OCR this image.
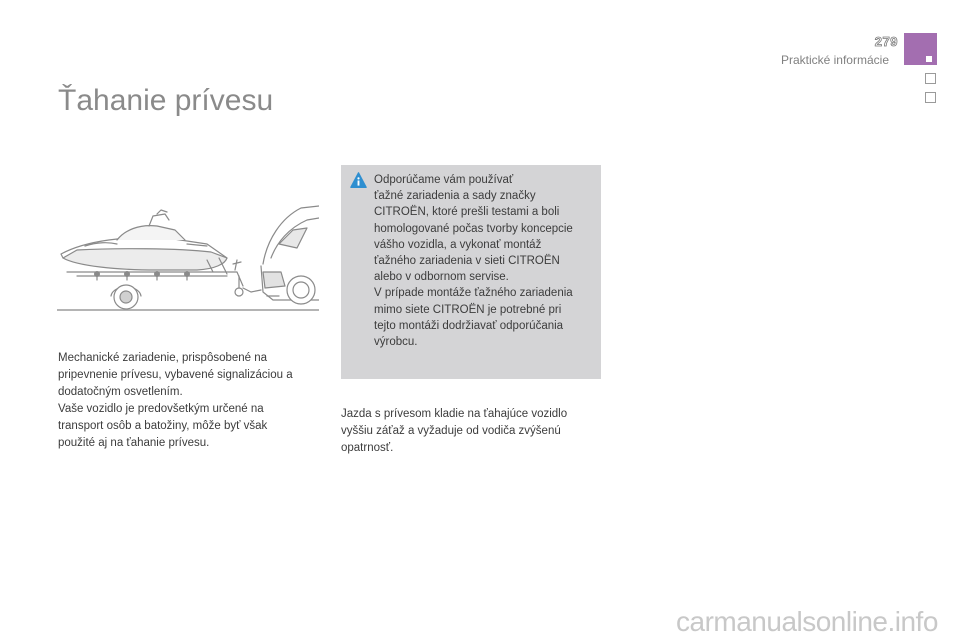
279
Praktické informácie
Ťahanie prívesu

Mechanické zariadenie, prispôsobené na
pripevnenie prívesu, vybavené signalizáciou a
dodatočným osvetlením.
Vaše vozidlo je predovšetkým určené na
transport osôb a batožiny, môže byť však
použité aj na ťahanie prívesu.

Odporúčame vám používať
ťažné zariadenia a sady značky
CITROËN, ktoré prešli testami a boli
homologované počas tvorby koncepcie
vášho vozidla, a vykonať montáž
ťažného zariadenia v sieti CITROËN
alebo v odbornom servise.
V prípade montáže ťažného zariadenia
mimo siete CITROËN je potrebné pri
tejto montáži dodržiavať odporúčania
výrobcu.

Jazda s prívesom kladie na ťahajúce vozidlo
vyššiu záťaž a vyžaduje od vodiča zvýšenú
opatrnosť.

carmanualsonline.info
